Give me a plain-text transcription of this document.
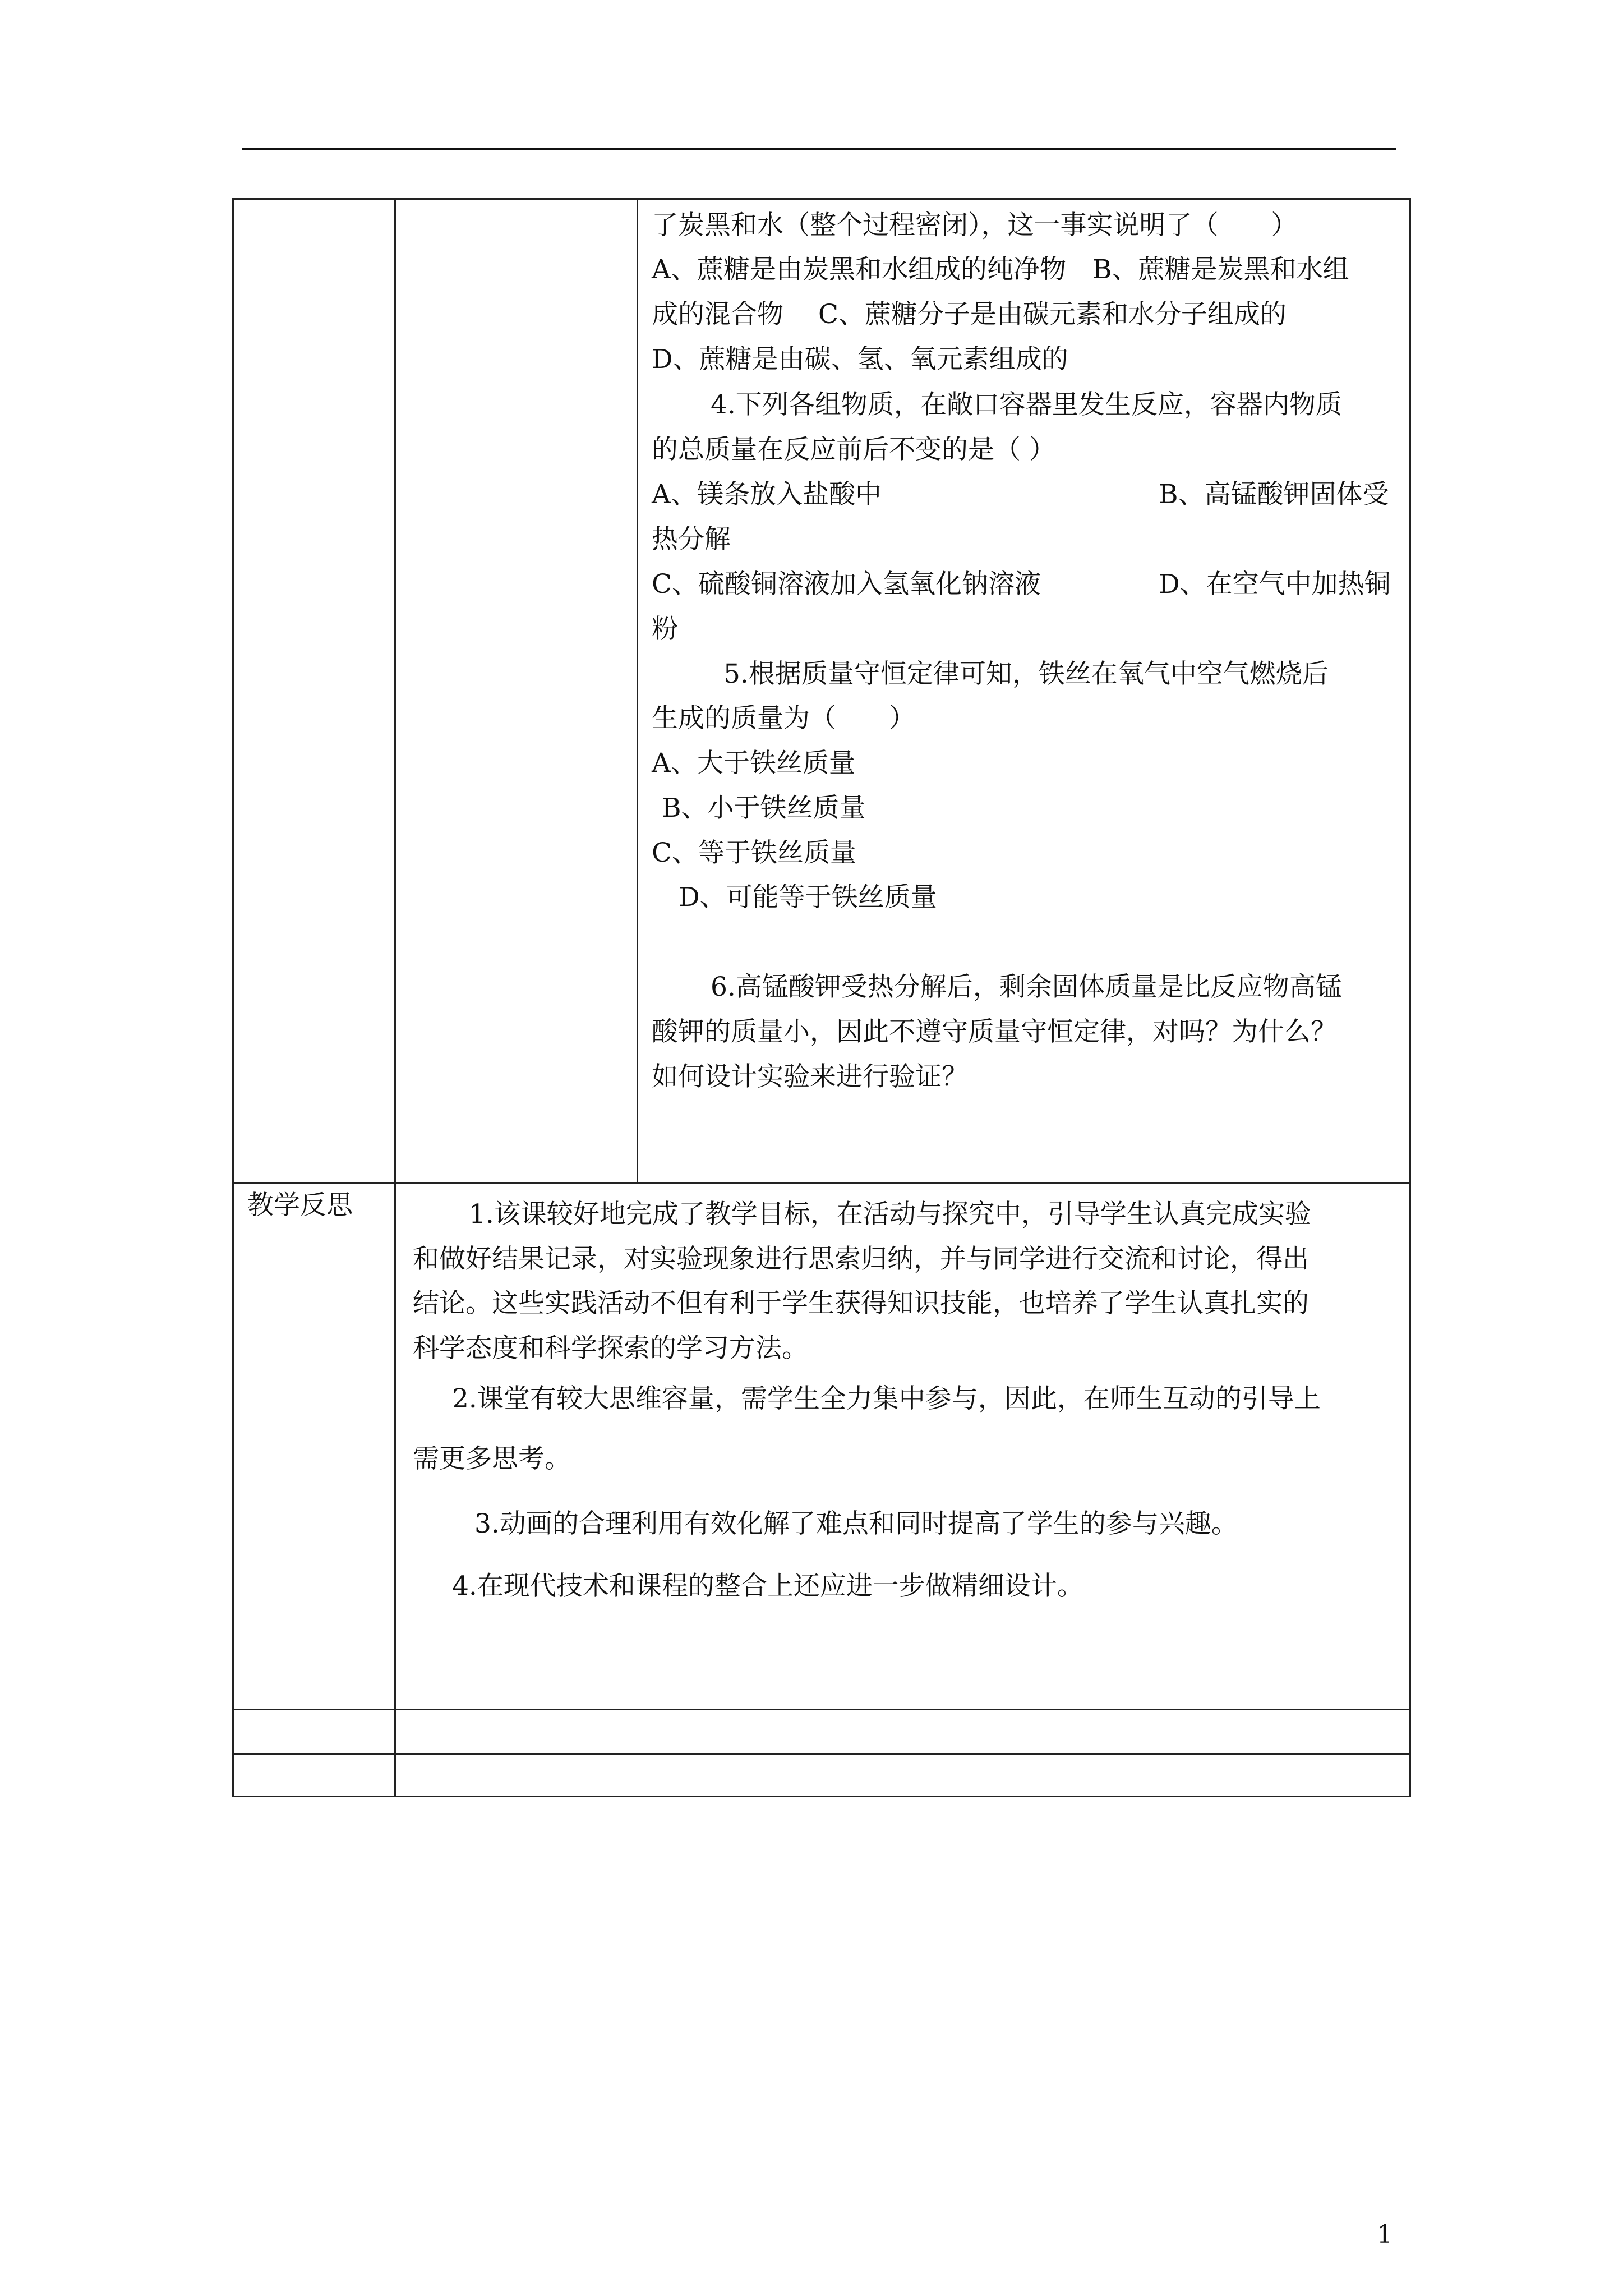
了炭黑和水（整个过程密闭），这一事实说明了（　　）
A、蔗糖是由炭黑和水组成的纯净物　B、蔗糖是炭黑和水组
成的混合物　 C、蔗糖分子是由碳元素和水分子组成的
D、蔗糖是由碳、氢、氧元素组成的
4.下列各组物质，在敞口容器里发生反应，容器内物质
的总质量在反应前后不变的是（ ）
A、镁条放入盐酸中	B、高锰酸钾固体受
热分解
C、硫酸铜溶液加入氢氧化钠溶液	D、在空气中加热铜
粉
5.根据质量守恒定律可知，铁丝在氧气中空气燃烧后
生成的质量为（　　）
A、大于铁丝质量
B、小于铁丝质量
C、等于铁丝质量
D、可能等于铁丝质量
6.高锰酸钾受热分解后，剩余固体质量是比反应物高锰
酸钾的质量小，因此不遵守质量守恒定律，对吗？为什么？
如何设计实验来进行验证？
教学反思	1.该课较好地完成了教学目标，在活动与探究中，引导学生认真完成实验
和做好结果记录，对实验现象进行思索归纳，并与同学进行交流和讨论，得出
结论。这些实践活动不但有利于学生获得知识技能，也培养了学生认真扎实的
科学态度和科学探索的学习方法。
2.课堂有较大思维容量，需学生全力集中参与，因此，在师生互动的引导上
需更多思考。
3.动画的合理利用有效化解了难点和同时提高了学生的参与兴趣。
4.在现代技术和课程的整合上还应进一步做精细设计。
1
